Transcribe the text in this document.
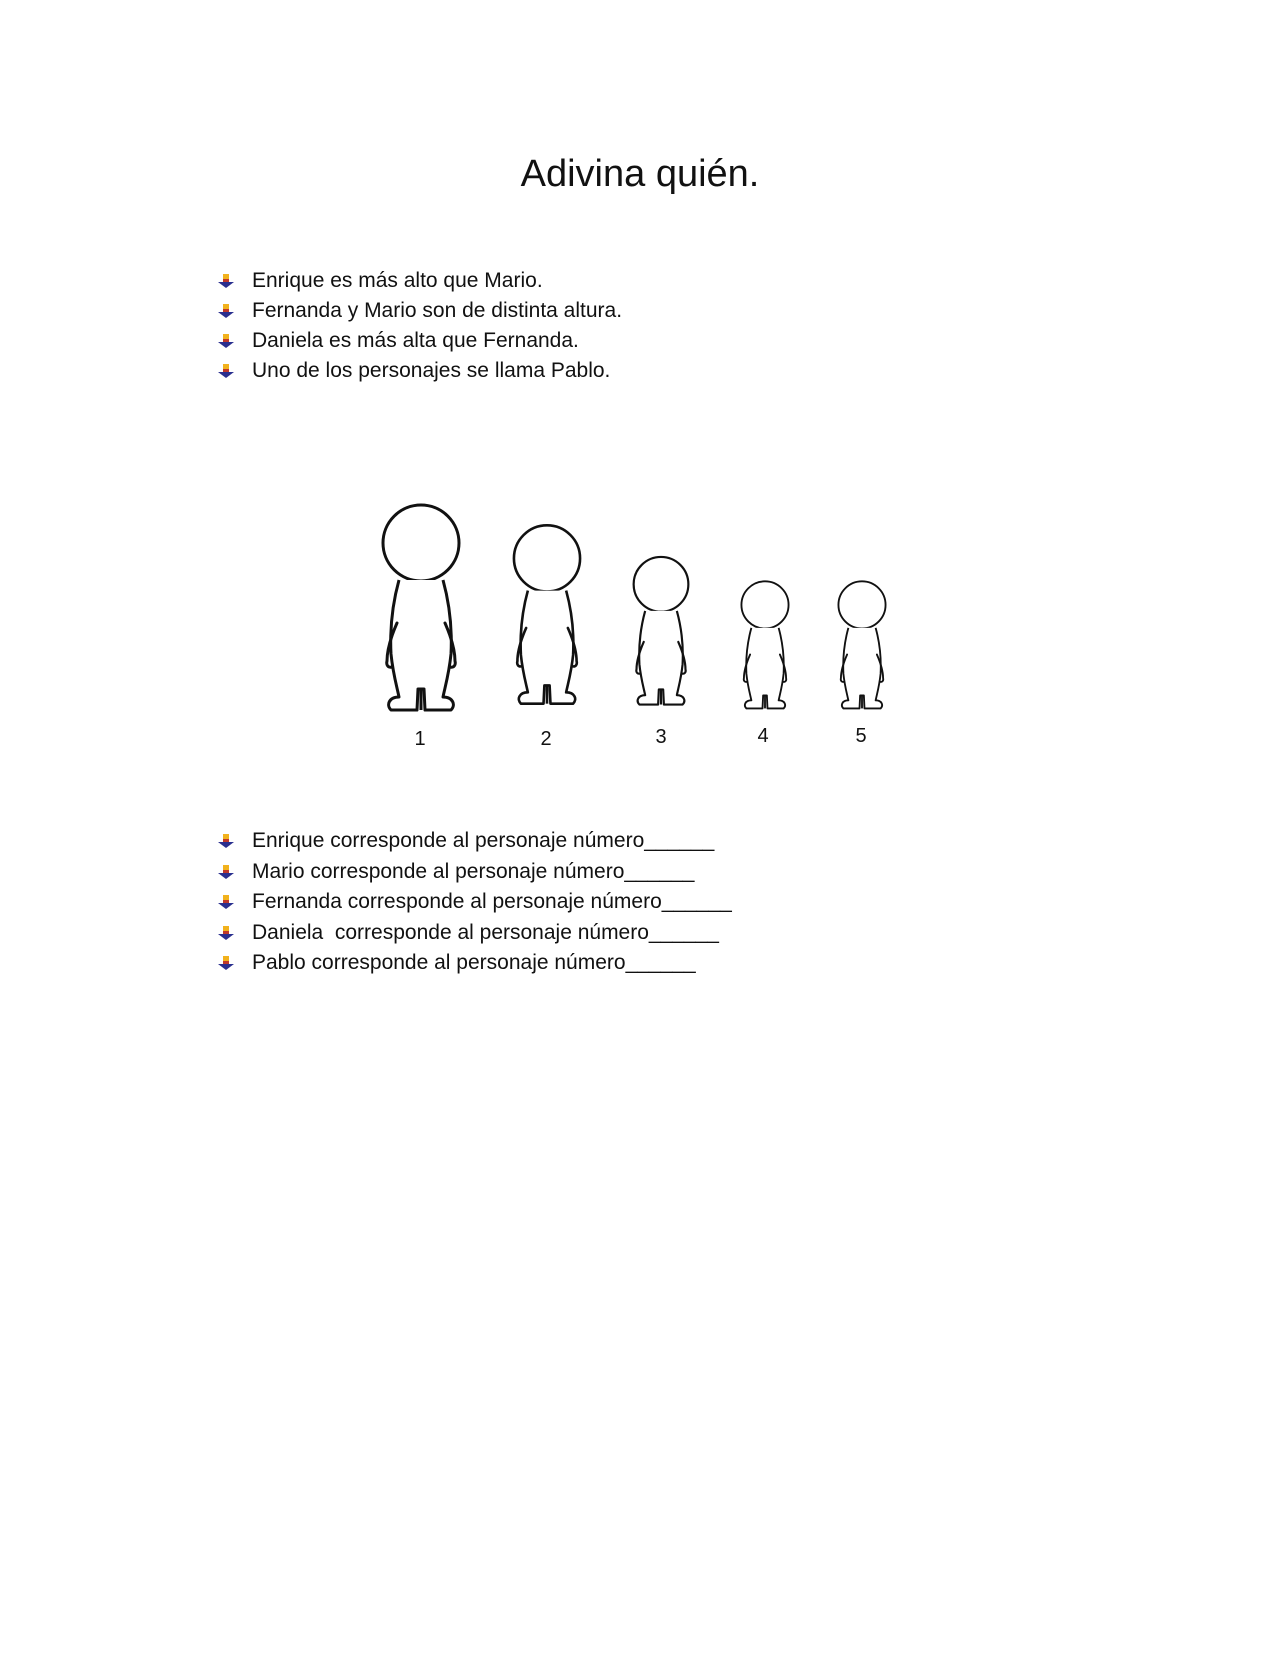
Adivina quién.

Enrique es más alto que Mario.

Fernanda y Mario son de distinta altura.

Daniela es más alta que Fernanda.

Uno de los personajes se llama Pablo.

1	2	3	4	5

Enrique corresponde al personaje número______

Mario corresponde al personaje número______

Fernanda corresponde al personaje número______

Daniela  corresponde al personaje número______

Pablo corresponde al personaje número______
